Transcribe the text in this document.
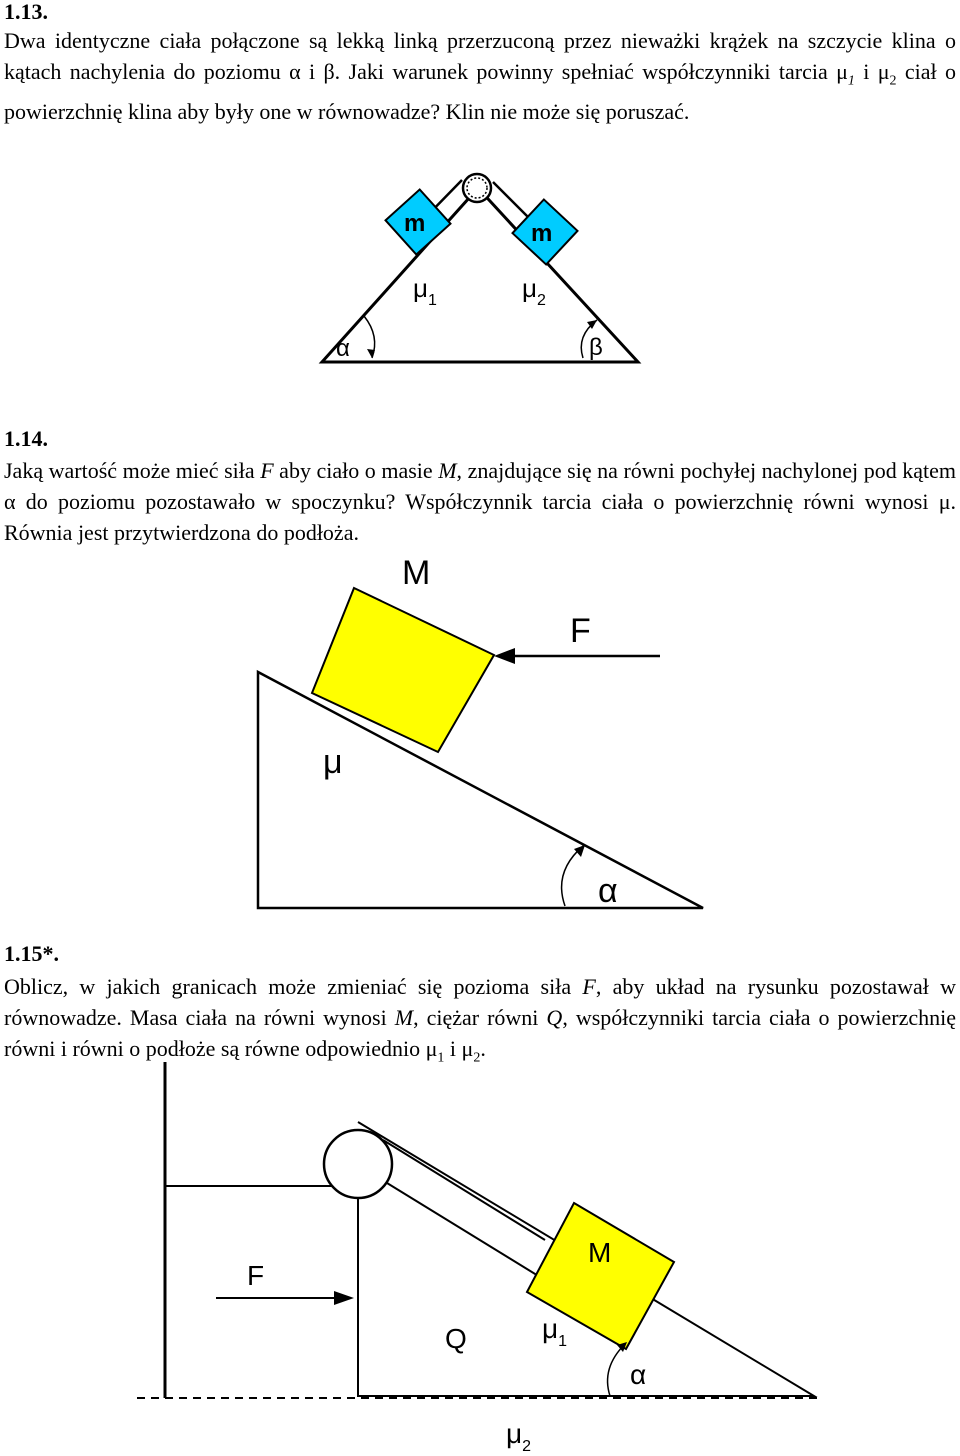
1.13.

Dwa identyczne ciała połączone są lekką linką przerzuconą przez nieważki krążek na szczycie klina o kątach nachylenia do poziomu α i β. Jaki warunek powinny spełniać współczynniki tarcia $\mu_1$ i $\mu_2$ ciał o powierzchnię klina aby były one w równowadze? Klin nie może się poruszać.

m	m
$\mu_1$	$\mu_2$
α	β

1.14.

Jaką wartość może mieć siła F aby ciało o masie M, znajdujące się na równi pochyłej nachylonej pod kątem α do poziomu pozostawało w spoczynku? Współczynnik tarcia ciała o powierzchnię równi wynosi μ. Równia jest przytwierdzona do podłoża.

M
F
μ
α

1.15*.

Oblicz, w jakich granicach może zmieniać się pozioma siła F, aby układ na rysunku pozostawał w równowadze. Masa ciała na równi wynosi M, ciężar równi Q, współczynniki tarcia ciała o powierzchnię równi i równi o podłoże są równe odpowiednio $\mu_1$ i $\mu_2$.

M
Q	$\mu_1$
F
α
$\mu_2$
